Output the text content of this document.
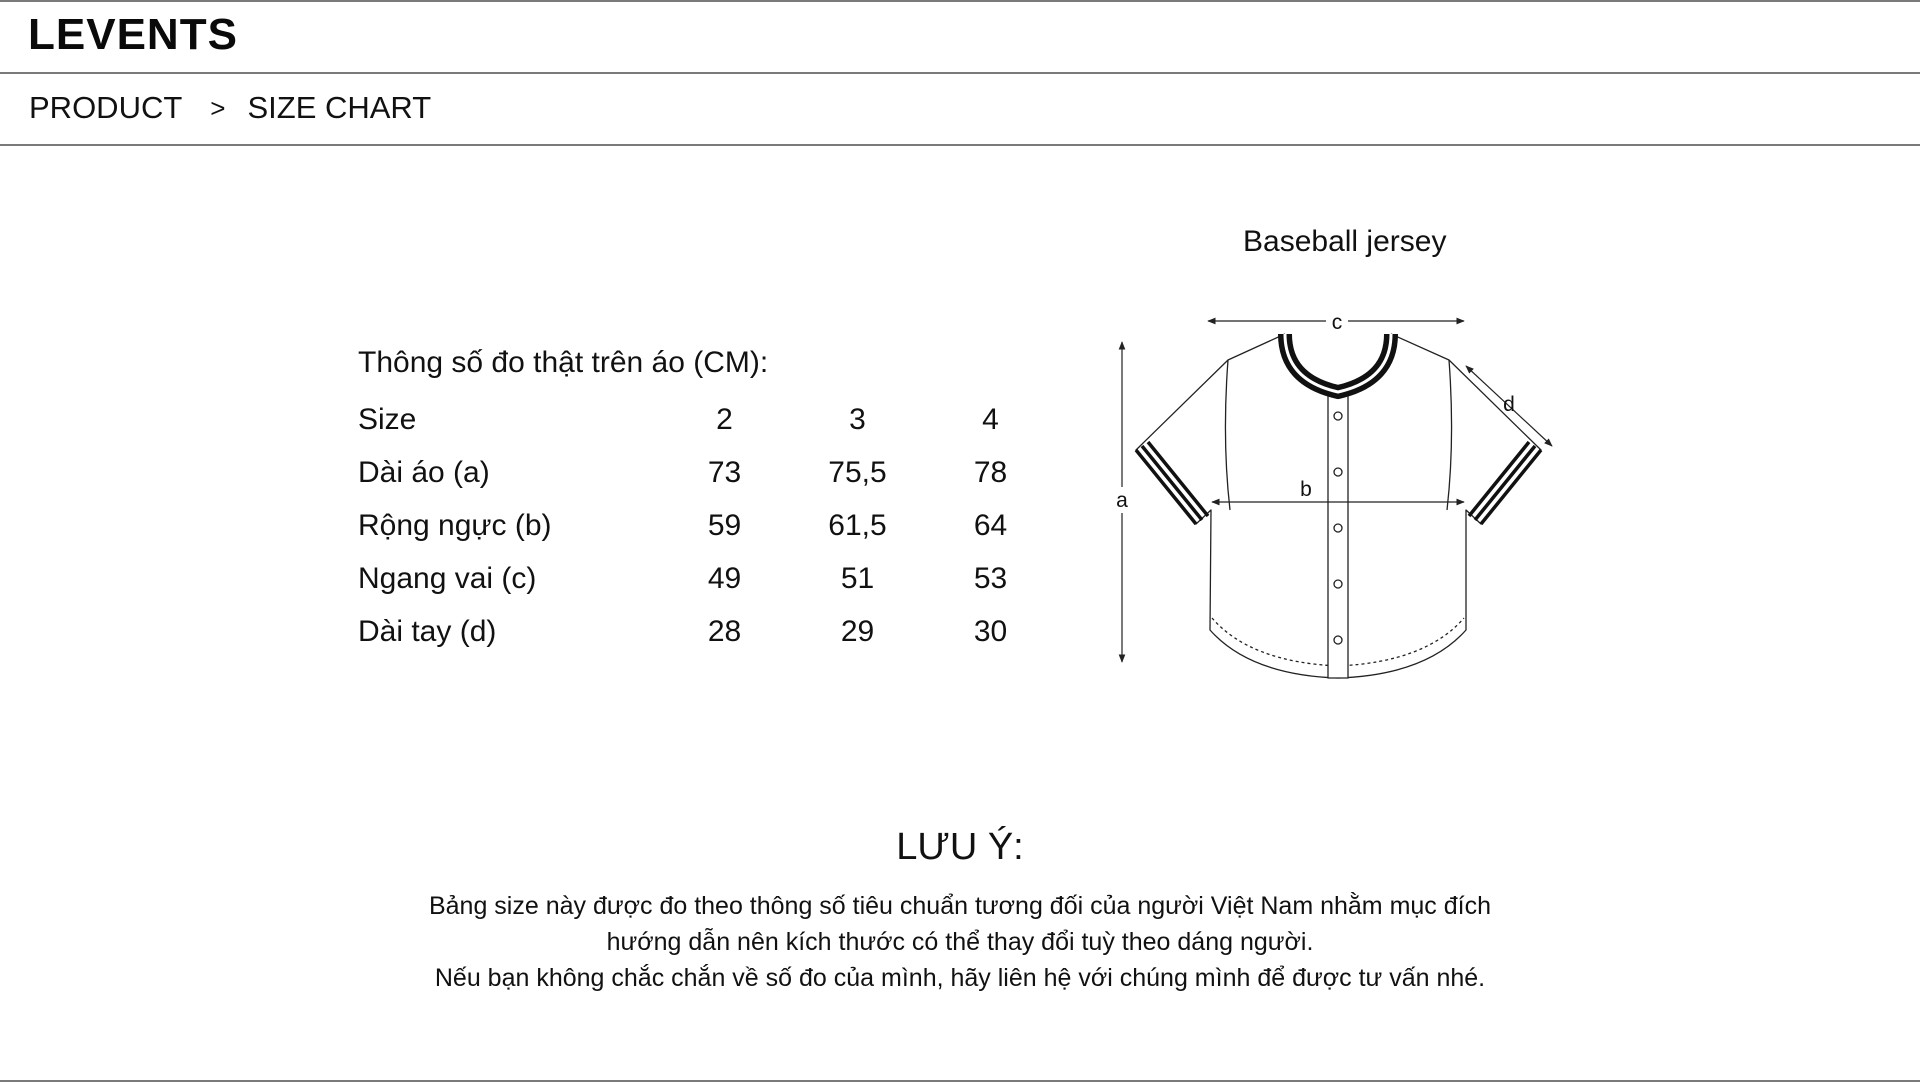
LEVENTS
PRODUCT > SIZE CHART
Thông số đo thật trên áo (CM):
Size	2	3	4
Dài áo (a)	73	75,5	78
Rộng ngực (b)	59	61,5	64
Ngang vai (c)	49	51	53
Dài tay (d)	28	29	30
Baseball jersey
a	b
c
d
LƯU Ý:
Bảng size này được đo theo thông số tiêu chuẩn tương đối của người Việt Nam nhằm mục đích
hướng dẫn nên kích thước có thể thay đổi tuỳ theo dáng người.
Nếu bạn không chắc chắn về số đo của mình, hãy liên hệ với chúng mình để được tư vấn nhé.
